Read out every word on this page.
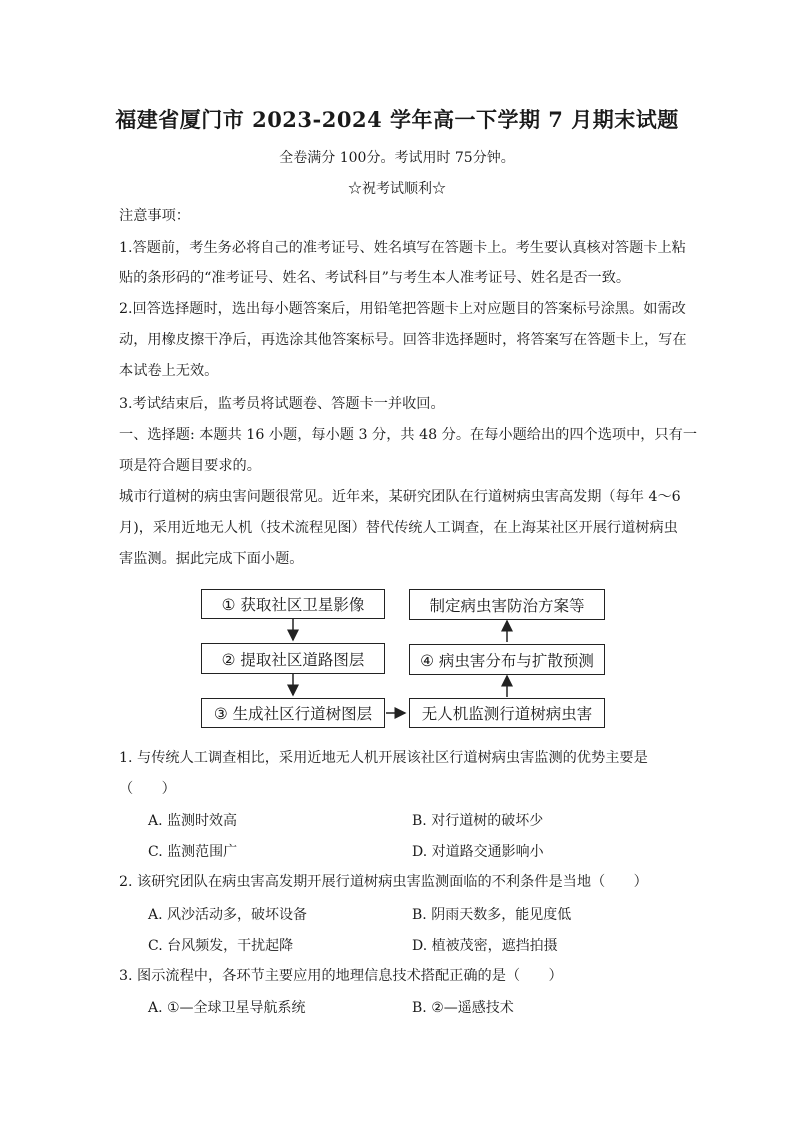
福建省厦门市 2023-2024 学年高一下学期 7 月期末试题
全卷满分 100分。考试用时 75分钟。
☆祝考试顺利☆
注意事项：
1.答题前，考生务必将自己的准考证号、姓名填写在答题卡上。考生要认真核对答题卡上粘
贴的条形码的“准考证号、姓名、考试科目”与考生本人准考证号、姓名是否一致。
2.回答选择题时，选出每小题答案后，用铅笔把答题卡上对应题目的答案标号涂黑。如需改
动，用橡皮擦干净后，再选涂其他答案标号。回答非选择题时，将答案写在答题卡上，写在
本试卷上无效。
3.考试结束后，监考员将试题卷、答题卡一并收回。
一、选择题: 本题共 16 小题，每小题 3 分，共 48 分。在每小题给出的四个选项中，只有一
项是符合题目要求的。
城市行道树的病虫害问题很常见。近年来，某研究团队在行道树病虫害高发期（每年 4～6
月)，采用近地无人机（技术流程见图）替代传统人工调查，在上海某社区开展行道树病虫
害监测。据此完成下面小题。
① 获取社区卫星影像
② 提取社区道路图层
③ 生成社区行道树图层	无人机监测行道树病虫害
④ 病虫害分布与扩散预测
制定病虫害防治方案等
1. 与传统人工调查相比，采用近地无人机开展该社区行道树病虫害监测的优势主要是
（　　）
A. 监测时效高	B. 对行道树的破坏少
C. 监测范围广	D. 对道路交通影响小
2. 该研究团队在病虫害高发期开展行道树病虫害监测面临的不利条件是当地（　　）
A. 风沙活动多，破坏设备	B. 阴雨天数多，能见度低
C. 台风频发，干扰起降	D. 植被茂密，遮挡拍摄
3. 图示流程中，各环节主要应用的地理信息技术搭配正确的是（　　）
A. ①—全球卫星导航系统	B. ②—遥感技术
